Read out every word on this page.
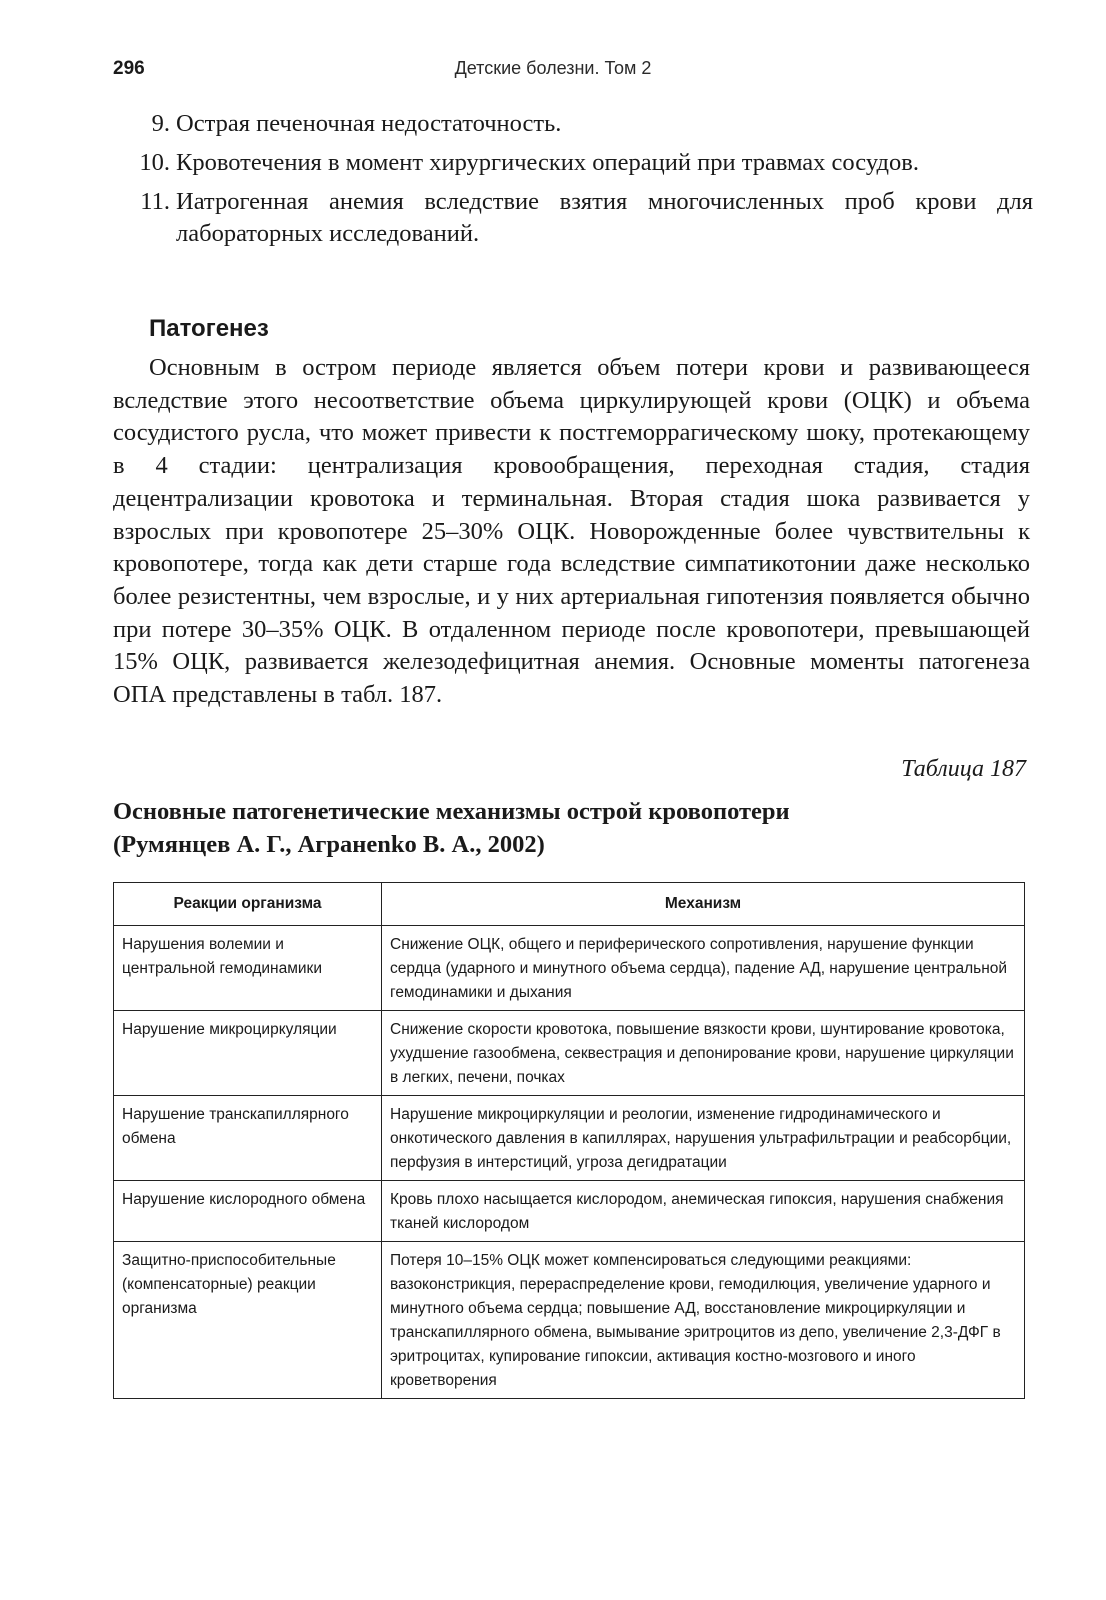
296	Детские болезни. Том 2
9. Острая печеночная недостаточность.
10. Кровотечения в момент хирургических операций при травмах сосудов.
11. Иатрогенная анемия вследствие взятия многочисленных проб крови для лабораторных исследований.
Патогенез
Основным в остром периоде является объем потери крови и развивающееся вследствие этого несоответствие объема циркулирующей крови (ОЦК) и объема сосудистого русла, что может привести к постгеморрагическому шоку, протекающему в 4 стадии: централизация кровообращения, переходная стадия, стадия децентрализации кровотока и терминальная. Вторая стадия шока развивается у взрослых при кровопотере 25–30% ОЦК. Новорожденные более чувствительны к кровопотере, тогда как дети старше года вследствие симпатикотонии даже несколько более резистентны, чем взрослые, и у них артериальная гипотензия появляется обычно при потере 30–35% ОЦК. В отдаленном периоде после кровопотери, превышающей 15% ОЦК, развивается железодефицитная анемия. Основные моменты патогенеза ОПА представлены в табл. 187.
Таблица 187
Основные патогенетические механизмы острой кровопотери
(Румянцев А. Г., Агранenko В. А., 2002)
Реакции организма	Механизм
Нарушения волемии и центральной гемодинамики	Снижение ОЦК, общего и периферического сопротивления, нарушение функции сердца (ударного и минутного объема сердца), падение АД, нарушение центральной гемодинамики и дыхания
Нарушение микроциркуляции	Снижение скорости кровотока, повышение вязкости крови, шунтирование кровотока, ухудшение газообмена, секвестрация и депонирование крови, нарушение циркуляции в легких, печени, почках
Нарушение транскапиллярного обмена	Нарушение микроциркуляции и реологии, изменение гидродинамического и онкотического давления в капиллярах, нарушения ультрафильтрации и реабсорбции, перфузия в интерстиций, угроза дегидратации
Нарушение кислородного обмена	Кровь плохо насыщается кислородом, анемическая гипоксия, нарушения снабжения тканей кислородом
Защитно-приспособительные (компенсаторные) реакции организма	Потеря 10–15% ОЦК может компенсироваться следующими реакциями: вазоконстрикция, перераспределение крови, гемодилюция, увеличение ударного и минутного объема сердца; повышение АД, восстановление микроциркуляции и транскапиллярного обмена, вымывание эритроцитов из депо, увеличение 2,3-ДФГ в эритроцитах, купирование гипоксии, активация костно-мозгового и иного кроветворения
